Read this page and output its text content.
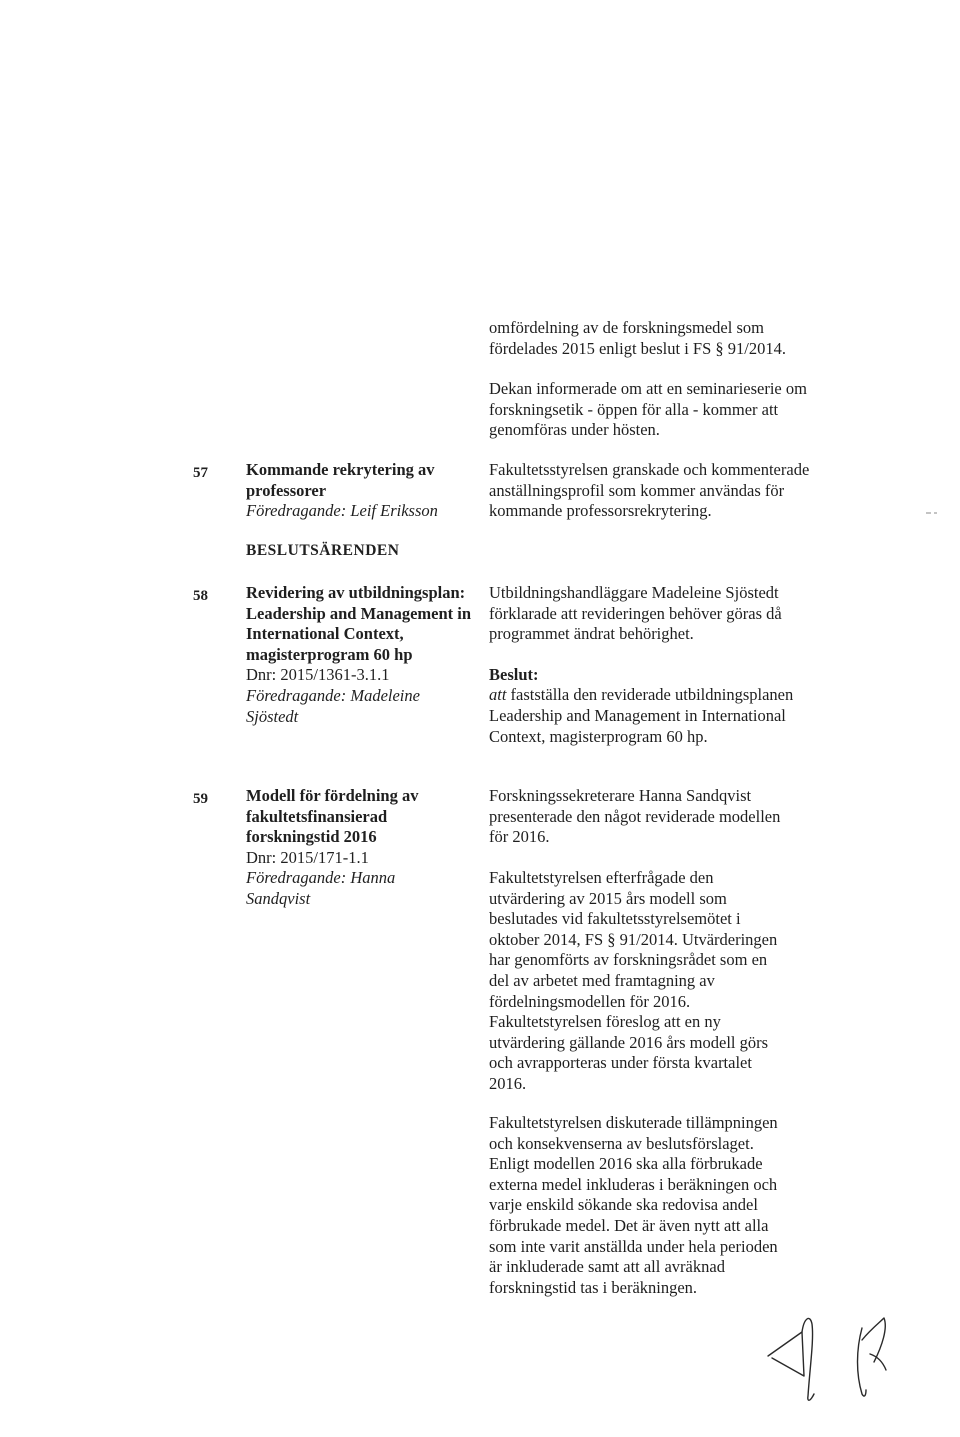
omfördelning av de forskningsmedel som fördelades 2015 enligt beslut i FS § 91/2014.

Dekan informerade om att en seminarieserie om forskningsetik - öppen för alla - kommer att genomföras under hösten.

57 Kommande rekrytering av professorer
Föredragande: Leif Eriksson

Fakultetsstyrelsen granskade och kommenterade anställningsprofil som kommer användas för kommande professorsrekrytering.

BESLUTSÄRENDEN
58 Revidering av utbildningsplan: Leadership and Management in International Context, magisterprogram 60 hp
Dnr: 2015/1361-3.1.1
Föredragande: Madeleine Sjöstedt

Utbildningshandläggare Madeleine Sjöstedt förklarade att revideringen behöver göras då programmet ändrat behörighet.

Beslut:

att fastställa den reviderade utbildningsplanen Leadership and Management in International Context, magisterprogram 60 hp.

59 Modell för fördelning av fakultetsfinansierad forskningstid 2016
Dnr: 2015/171-1.1
Föredragande: Hanna Sandqvist

Forskningssekreterare Hanna Sandqvist presenterade den något reviderade modellen för 2016.

Fakultetstyrelsen efterfrågade den utvärdering av 2015 års modell som beslutades vid fakultetsstyrelsemötet i oktober 2014, FS § 91/2014. Utvärderingen har genomförts av forskningsrådet som en del av arbetet med framtagning av fördelningsmodellen för 2016. Fakultetstyrelsen föreslog att en ny utvärdering gällande 2016 års modell görs och avrapporteras under första kvartalet 2016.

Fakultetstyrelsen diskuterade tillämpningen och konsekvenserna av beslutsförslaget. Enligt modellen 2016 ska alla förbrukade externa medel inkluderas i beräkningen och varje enskild sökande ska redovisa andel förbrukade medel. Det är även nytt att alla som inte varit anställda under hela perioden är inkluderade samt att all avräknad forskningstid tas i beräkningen.
